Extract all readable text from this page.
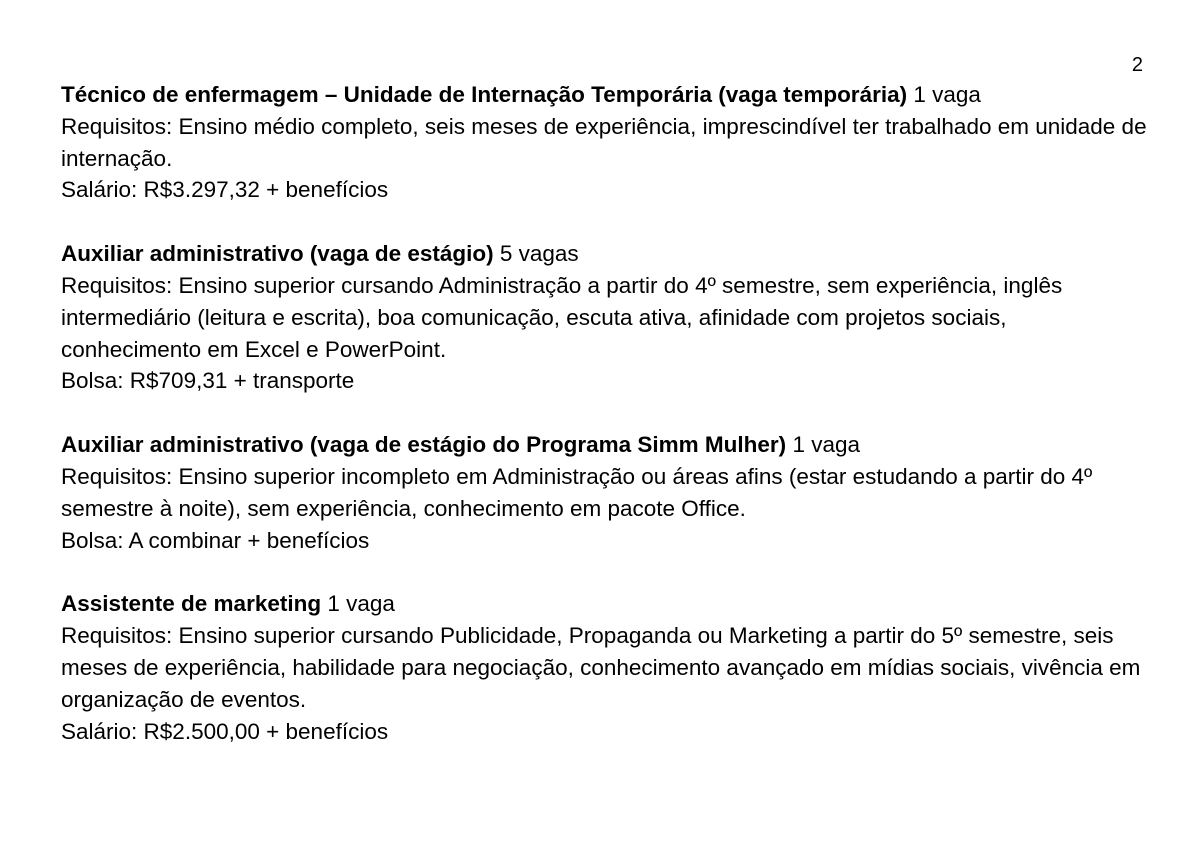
2

Técnico de enfermagem – Unidade de Internação Temporária (vaga temporária) 1 vaga

Requisitos: Ensino médio completo, seis meses de experiência, imprescindível ter trabalhado em unidade de internação.

Salário: R$3.297,32 + benefícios

Auxiliar administrativo (vaga de estágio) 5 vagas

Requisitos: Ensino superior cursando Administração a partir do 4º semestre, sem experiência, inglês intermediário (leitura e escrita), boa comunicação, escuta ativa, afinidade com projetos sociais, conhecimento em Excel e PowerPoint.

Bolsa: R$709,31 + transporte

Auxiliar administrativo (vaga de estágio do Programa Simm Mulher) 1 vaga

Requisitos: Ensino superior incompleto em Administração ou áreas afins (estar estudando a partir do 4º semestre à noite), sem experiência, conhecimento em pacote Office.

Bolsa: A combinar + benefícios

Assistente de marketing 1 vaga

Requisitos: Ensino superior cursando Publicidade, Propaganda ou Marketing a partir do 5º semestre, seis meses de experiência, habilidade para negociação, conhecimento avançado em mídias sociais, vivência em organização de eventos.

Salário: R$2.500,00 + benefícios
